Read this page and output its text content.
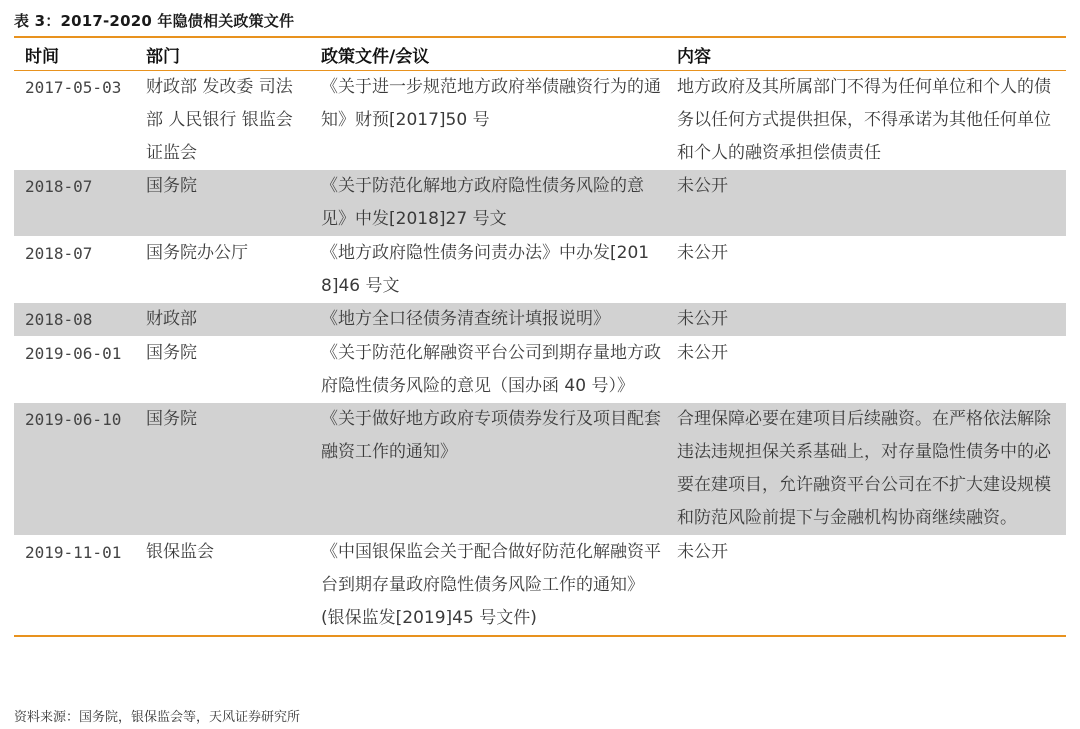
表 3：2017-2020 年隐债相关政策文件
时间	部门	政策文件/会议	内容
2017-05-03	财政部 发改委 司法部 人民银行 银监会 证监会	《关于进一步规范地方政府举债融资行为的通知》财预[2017]50 号	地方政府及其所属部门不得为任何单位和个人的债务以任何方式提供担保，不得承诺为其他任何单位和个人的融资承担偿债责任
2018-07	国务院	《关于防范化解地方政府隐性债务风险的意见》中发[2018]27 号文	未公开
2018-07	国务院办公厅	《地方政府隐性债务问责办法》中办发[2018]46 号文	未公开
2018-08	财政部	《地方全口径债务清查统计填报说明》	未公开
2019-06-01	国务院	《关于防范化解融资平台公司到期存量地方政府隐性债务风险的意见（国办函 40 号）》	未公开
2019-06-10	国务院	《关于做好地方政府专项债券发行及项目配套融资工作的通知》	合理保障必要在建项目后续融资。在严格依法解除违法违规担保关系基础上，对存量隐性债务中的必要在建项目，允许融资平台公司在不扩大建设规模和防范风险前提下与金融机构协商继续融资。
2019-11-01	银保监会	《中国银保监会关于配合做好防范化解融资平台到期存量政府隐性债务风险工作的通知》(银保监发[2019]45 号文件)	未公开
资料来源：国务院，银保监会等，天风证券研究所
